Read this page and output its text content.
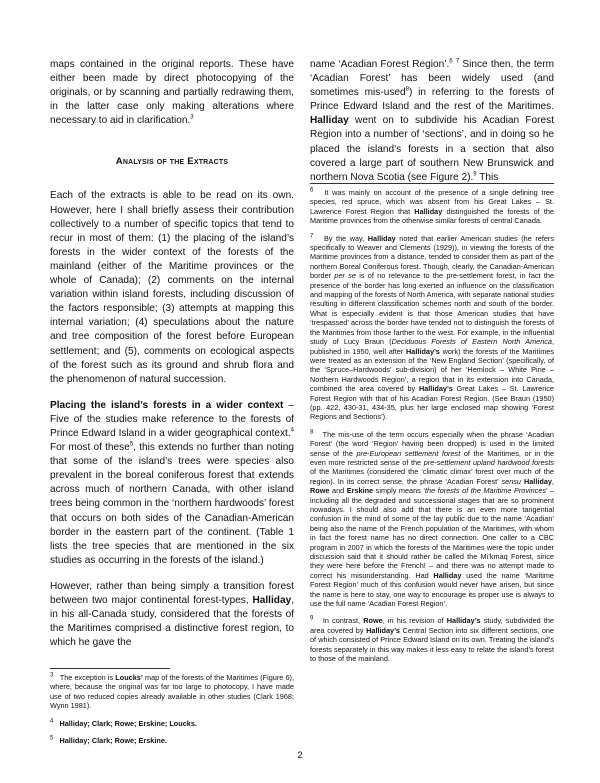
maps contained in the original reports. These have either been made by direct photocopying of the originals, or by scanning and partially redrawing them, in the latter case only making alterations where necessary to aid in clarification.$^3$

Analysis of the Extracts

Each of the extracts is able to be read on its own. However, here I shall briefly assess their contribution collectively to a number of specific topics that tend to recur in most of them: (1) the placing of the island’s forests in the wider context of the forests of the mainland (either of the Maritime provinces or the whole of Canada); (2) comments on the internal variation within island forests, including discussion of the factors responsible; (3) attempts at mapping this internal variation; (4) speculations about the nature and tree composition of the forest before European settlement; and (5), comments on ecological aspects of the forest such as its ground and shrub flora and the phenomenon of natural succession.

Placing the island’s forests in a wider context – Five of the studies make reference to the forests of Prince Edward Island in a wider geographical context.$^4$ For most of these$^5$, this extends no further than noting that some of the island’s trees were species also prevalent in the boreal coniferous forest that extends across much of northern Canada, with other island trees being common in the ‘northern hardwoods’ forest that occurs on both sides of the Canadian-American border in the eastern part of the continent. (Table 1 lists the tree species that are mentioned in the six studies as occurring in the forests of the island.)

However, rather than being simply a transition forest between two major continental forest-types, Halliday, in his all-Canada study, considered that the forests of the Maritimes comprised a distinctive forest region, to which he gave the

$^3$ The exception is Loucks’ map of the forests of the Maritimes (Figure 6), where, because the original was far too large to photocopy, I have made use of two reduced copies already available in other studies (Clark 1968; Wynn 1981).

$^4$ Halliday; Clark; Rowe; Erskine; Loucks.

$^5$ Halliday; Clark; Rowe; Erskine.

name ‘Acadian Forest Region’.$^6$ $^7$ Since then, the term ‘Acadian Forest’ has been widely used (and sometimes mis-used$^8$) in referring to the forests of Prince Edward Island and the rest of the Maritimes. Halliday went on to subdivide his Acadian Forest Region into a number of ‘sections’, and in doing so he placed the island’s forests in a section that also covered a large part of southern New Brunswick and northern Nova Scotia (see Figure 2).$^9$ This

$^6$ It was mainly on account of the presence of a single defining tree species, red spruce, which was absent from his Great Lakes – St. Lawrence Forest Region that Halliday distinguished the forests of the Maritime provinces from the otherwise similar forests of central Canada.

$^7$ By the way, Halliday noted that earlier American studies (he refers specifically to Weaver and Clements (1929)), in viewing the forests of the Maritime provinces from a distance, tended to consider them as part of the northern Boreal Coniferous forest. Though, clearly, the Canadian-American border per se is of no relevance to the pre-settlement forest, in fact the presence of the border has long exerted an influence on the classification and mapping of the forests of North America, with separate national studies resulting in different classification schemes north and south of the border. What is especially evident is that those American studies that have ‘trespassed’ across the border have tended not to distinguish the forests of the Maritimes from those farther to the west. For example, in the influential study of Lucy Braun (Deciduous Forests of Eastern North America, published in 1950, well after Halliday’s work) the forests of the Maritimes were treated as an extension of the ‘New England Section’ (specifically, of the ‘Spruce–Hardwoods’ sub-division) of her ‘Hemlock – White Pine – Northern Hardwoods Region’, a region that in its extension into Canada, combined the area covered by Halliday’s Great Lakes – St. Lawrence Forest Region with that of his Acadian Forest Region. (See Braun (1950) (pp. 422, 430-31, 434-35, plus her large enclosed map showing ‘Forest Regions and Sections’).

$^8$ The mis-use of the term occurs especially when the phrase ‘Acadian Forest’ (the word ‘Region’ having been dropped) is used in the limited sense of the pre-European settlement forest of the Maritimes, or in the even more restricted sense of the pre-settlement upland hardwood forests of the Maritimes (considered the ‘climatic climax’ forest over much of the region). In its correct sense, the phrase ‘Acadian Forest’ sensu Halliday, Rowe and Erskine simply means ‘the forests of the Maritime Provinces’ – including all the degraded and successional stages that are so prominent nowadays. I should also add that there is an even more tangential confusion in the mind of some of the lay public due to the name ‘Acadian’ being also the name of the French population of the Maritimes, with whom in fact the forest name has no direct connection. One caller to a CBC program in 2007 in which the forests of the Maritimes were the topic under discussion said that it should rather be called the Mi’kmaq Forest, since they were here before the French! – and there was no attempt made to correct his misunderstanding. Had Halliday used the name ‘Maritime Forest Region’ much of this confusion would never have arisen, but since the name is here to stay, one way to encourage its proper use is always to use the full name ‘Acadian Forest Region’.

$^9$ In contrast, Rowe, in his revision of Halliday’s study, subdivided the area covered by Halliday’s Central Section into six different sections, one of which consisted of Prince Edward Island on its own. Treating the island’s forests separately in this way makes it less easy to relate the island’s forest to those of the mainland.

2
